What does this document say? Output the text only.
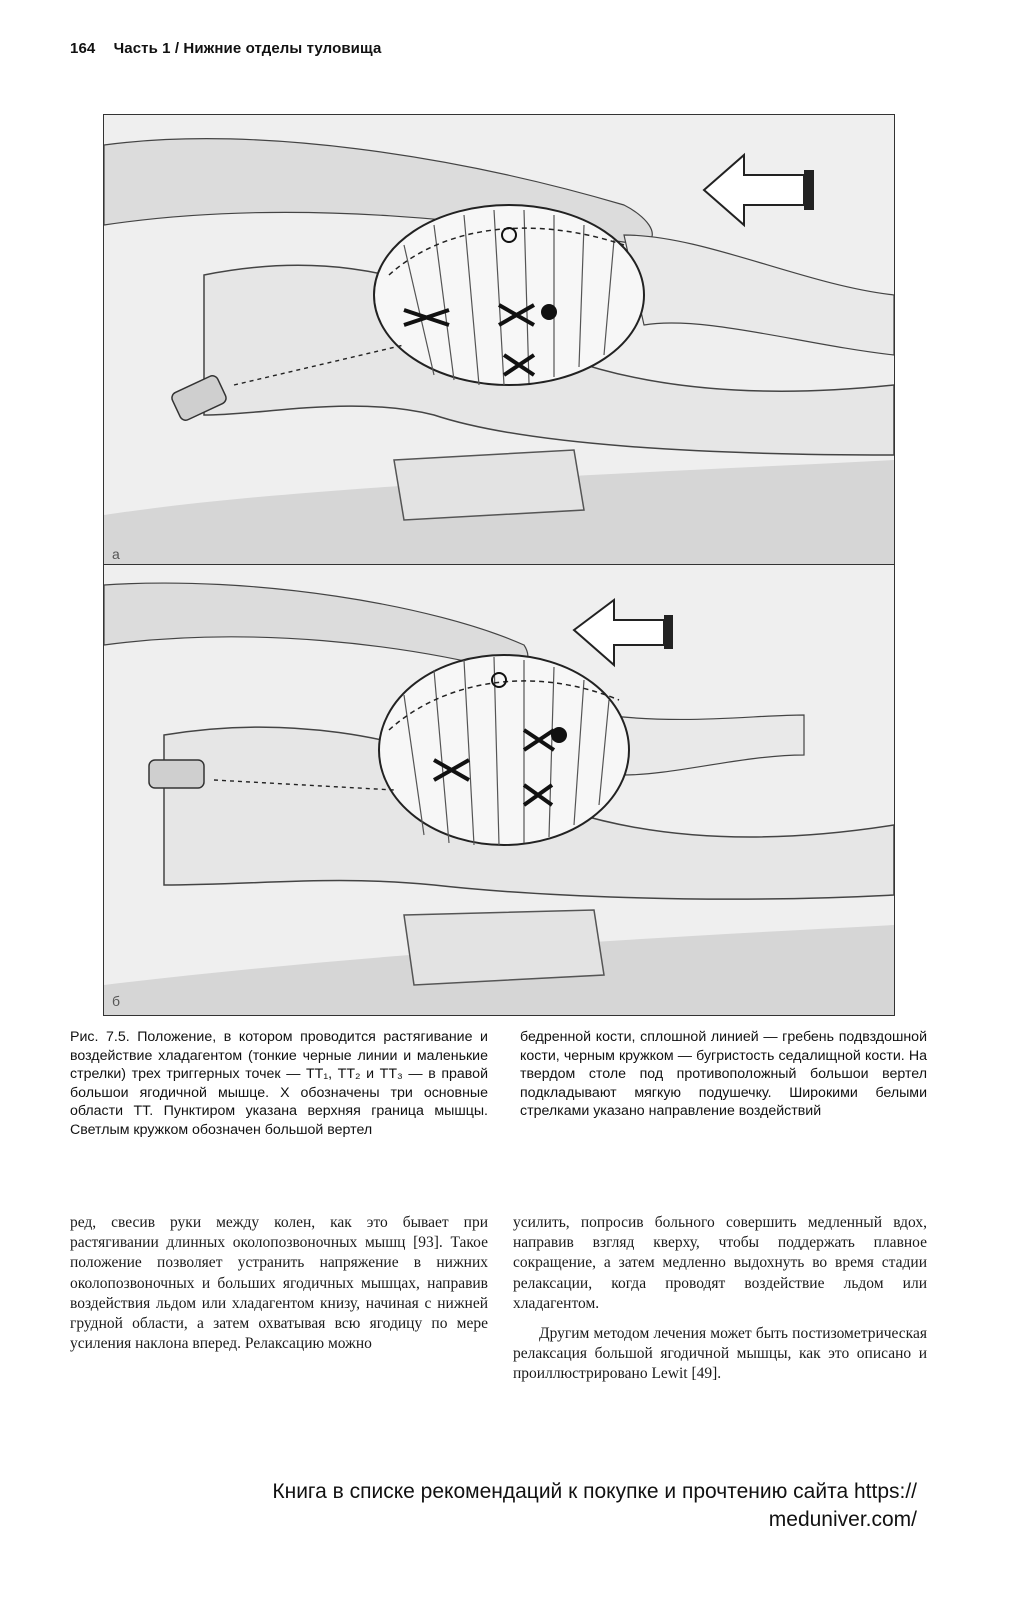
164 Часть 1 / Нижние отделы туловища
a
б
Рис. 7.5. Положение, в котором проводится растягивание и воздействие хладагентом (тонкие черные линии и маленькие стрелки) трех триггерных точек — ТТ₁, ТТ₂ и ТТ₃ — в правой большои ягодичной мышце. X обозначены три основные области ТТ. Пунктиром указана верхняя граница мышцы. Светлым кружком обозначен большой вертел
бедренной кости, сплошной линией — гребень подвздошной кости, черным кружком — бугристость седалищной кости. На твердом столе под противоположный большои вертел подкладывают мягкую подушечку. Широкими белыми стрелками указано направление воздействий

ред, свесив руки между колен, как это бывает при растягивании длинных околопозвоночных мышц [93]. Такое положение позволяет устранить напряжение в нижних околопозвоночных и больших ягодичных мышцах, направив воздействия льдом или хладагентом книзу, начиная с нижней грудной области, а затем охватывая всю ягодицу по мере усиления наклона вперед. Релаксацию можно

усилить, попросив больного совершить медленный вдох, направив взгляд кверху, чтобы поддержать плавное сокращение, а затем медленно выдохнуть во время стадии релаксации, когда проводят воздействие льдом или хладагентом.

Другим методом лечения может быть постизометрическая релаксация большой ягодичной мышцы, как это описано и проиллюстрировано Lewit [49].

Книга в списке рекомендаций к покупке и прочтению сайта https:// meduniver.com/
